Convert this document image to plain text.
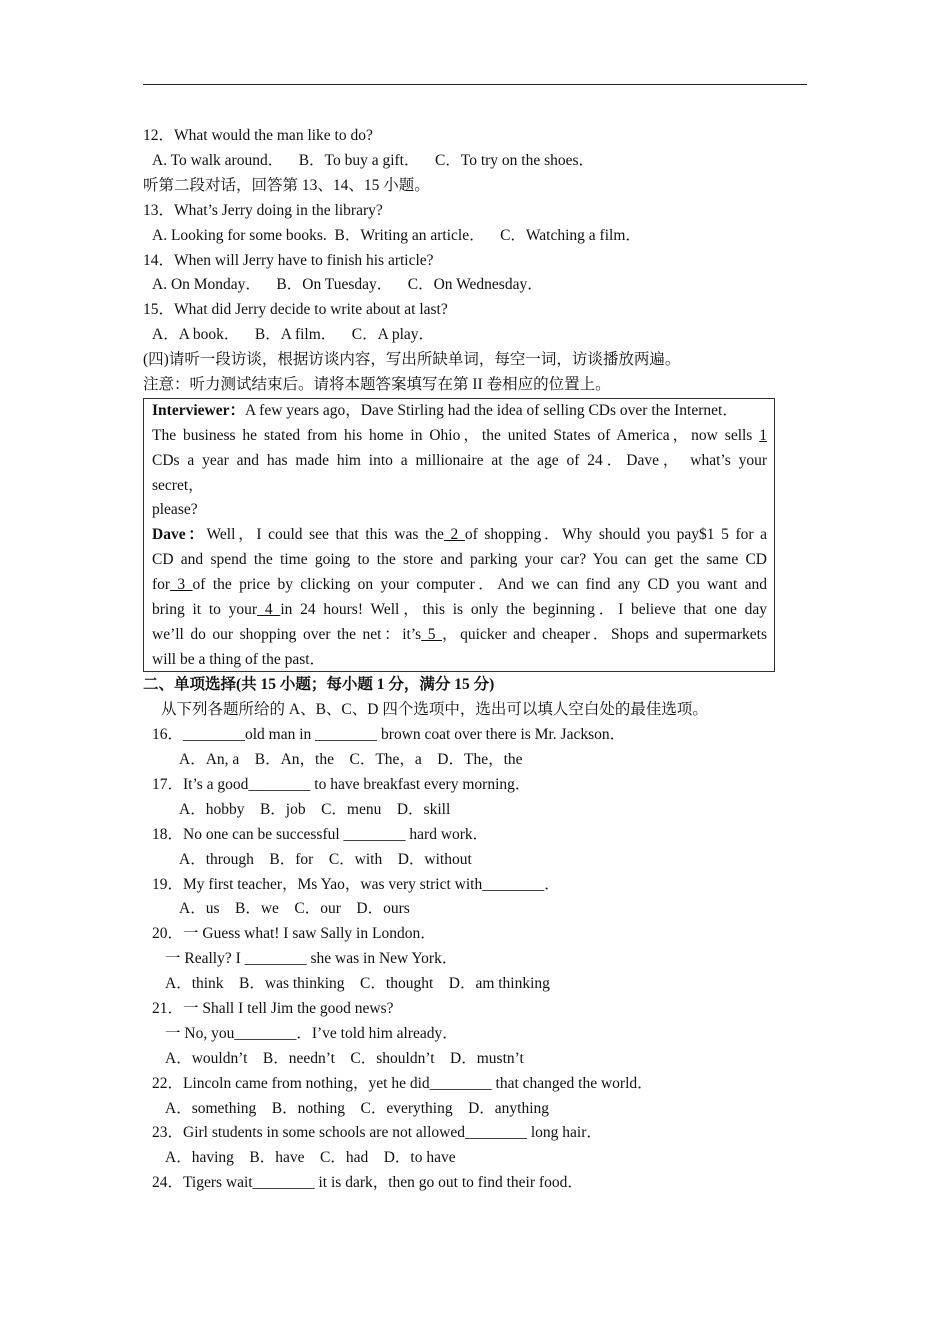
12．What would the man like to do?
A. To walk around．    B．To buy a gift．    C．To try on the shoes．
听第二段对话，回答第 13、14、15 小题。
13．What’s Jerry doing in the library?
A. Looking for some books.  B．Writing an article．    C．Watching a film．
14．When will Jerry have to finish his article?
A. On Monday．    B．On Tuesday．    C．On Wednesday．
15．What did Jerry decide to write about at last?
A．A book．    B．A film．    C．A play．
(四)请听一段访谈，根据访谈内容，写出所缺单词，每空一词，访谈播放两遍。
注意：听力测试结束后。请将本题答案填写在第 II 卷相应的位置上。
Interviewer：A few years ago，Dave Stirling had the idea of selling CDs over the Internet．
The business he stated from his home in Ohio，the united States of America，now sells 1
CDs a year and has made him into a millionaire at the age of 24．Dave， what’s your
secret，
please?
Dave：Well，I could see that this was the 2 of shopping．Why should you pay$1 5 for a
CD and spend the time going to the store and parking your car? You can get the same CD
for 3 of the price by clicking on your computer．And we can find any CD you want and
bring it to your 4 in 24 hours! Well，this is only the beginning．I believe that one day
we’ll do our shopping over the net：it’s 5 ，quicker and cheaper．Shops and supermarkets
will be a thing of the past．
二、单项选择(共 15 小题；每小题 1 分，满分 15 分)
从下列各题所给的 A、B、C、D 四个选项中，选出可以填人空白处的最佳选项。
16．________old man in ________ brown coat over there is Mr. Jackson．
A．An, a    B．An，the    C．The，a    D．The，the
17．It’s a good________ to have breakfast every morning．
A．hobby    B．job    C．menu    D．skill
18．No one can be successful ________ hard work．
A．through    B．for    C．with    D．without
19．My first teacher，Ms Yao，was very strict with________．
A．us    B．we    C．our    D．ours
20．一 Guess what! I saw Sally in London．
一 Really? I ________ she was in New York．
A．think    B．was thinking    C．thought    D．am thinking
21．一 Shall I tell Jim the good news?
一 No, you________．I’ve told him already．
A．wouldn’t    B．needn’t    C．shouldn’t    D．mustn’t
22．Lincoln came from nothing，yet he did________ that changed the world．
A．something    B．nothing    C．everything    D．anything
23．Girl students in some schools are not allowed________ long hair．
A．having    B．have    C．had    D．to have
24．Tigers wait________ it is dark，then go out to find their food．
